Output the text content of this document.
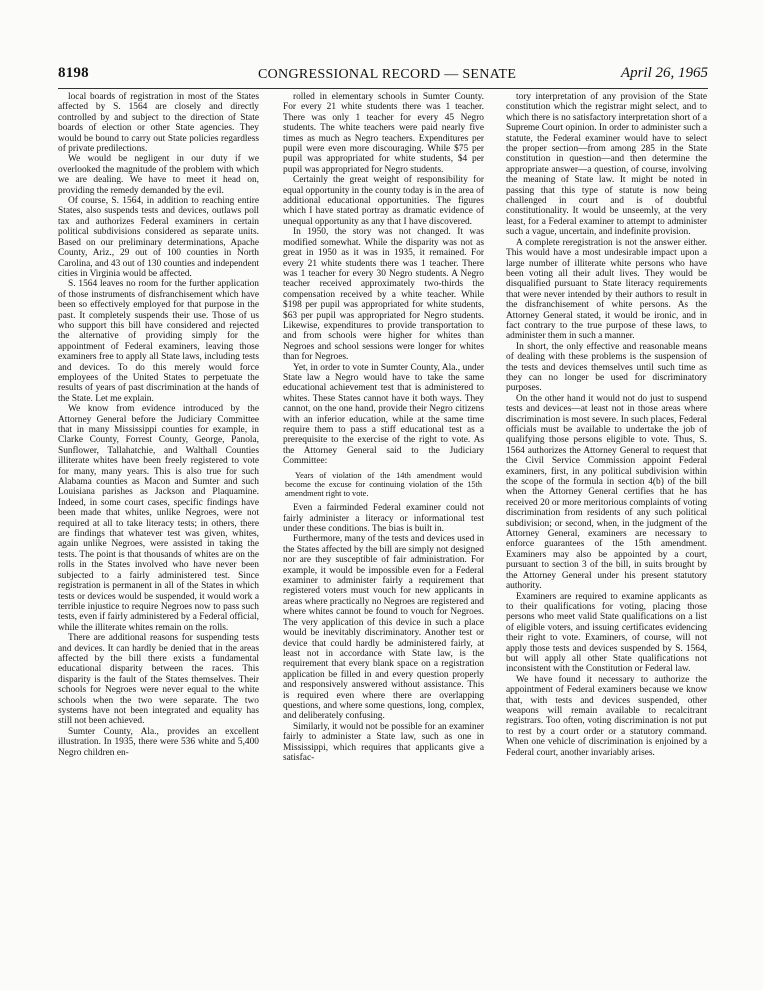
8198	CONGRESSIONAL RECORD — SENATE	April 26, 1965

local boards of registration in most of the States affected by S. 1564 are closely and directly controlled by and subject to the direction of State boards of election or other State agencies. They would be bound to carry out State policies regardless of private predilections.

We would be negligent in our duty if we overlooked the magnitude of the problem with which we are dealing. We have to meet it head on, providing the remedy demanded by the evil.

Of course, S. 1564, in addition to reaching entire States, also suspends tests and devices, outlaws poll tax and authorizes Federal examiners in certain political subdivisions considered as separate units. Based on our preliminary determinations, Apache County, Ariz., 29 out of 100 counties in North Carolina, and 43 out of 130 counties and independent cities in Virginia would be affected.

S. 1564 leaves no room for the further application of those instruments of disfranchisement which have been so effectively employed for that purpose in the past. It completely suspends their use. Those of us who support this bill have considered and rejected the alternative of providing simply for the appointment of Federal examiners, leaving those examiners free to apply all State laws, including tests and devices. To do this merely would force employees of the United States to perpetuate the results of years of past discrimination at the hands of the State. Let me explain.

We know from evidence introduced by the Attorney General before the Judiciary Committee that in many Mississippi counties for example, in Clarke County, Forrest County, George, Panola, Sunflower, Tallahatchie, and Walthall Counties illiterate whites have been freely registered to vote for many, many years. This is also true for such Alabama counties as Macon and Sumter and such Louisiana parishes as Jackson and Plaquamine. Indeed, in some court cases, specific findings have been made that whites, unlike Negroes, were not required at all to take literacy tests; in others, there are findings that whatever test was given, whites, again unlike Negroes, were assisted in taking the tests. The point is that thousands of whites are on the rolls in the States involved who have never been subjected to a fairly administered test. Since registration is permanent in all of the States in which tests or devices would be suspended, it would work a terrible injustice to require Negroes now to pass such tests, even if fairly administered by a Federal official, while the illiterate whites remain on the rolls.

There are additional reasons for suspending tests and devices. It can hardly be denied that in the areas affected by the bill there exists a fundamental educational disparity between the races. This disparity is the fault of the States themselves. Their schools for Negroes were never equal to the white schools when the two were separate. The two systems have not been integrated and equality has still not been achieved.

Sumter County, Ala., provides an excellent illustration. In 1935, there were 536 white and 5,400 Negro children en-

rolled in elementary schools in Sumter County. For every 21 white students there was 1 teacher. There was only 1 teacher for every 45 Negro students. The white teachers were paid nearly five times as much as Negro teachers. Expenditures per pupil were even more discouraging. While $75 per pupil was appropriated for white students, $4 per pupil was appropriated for Negro students.

Certainly the great weight of responsibility for equal opportunity in the county today is in the area of additional educational opportunities. The figures which I have stated portray as dramatic evidence of unequal opportunity as any that I have discovered.

In 1950, the story was not changed. It was modified somewhat. While the disparity was not as great in 1950 as it was in 1935, it remained. For every 21 white students there was 1 teacher. There was 1 teacher for every 30 Negro students. A Negro teacher received approximately two-thirds the compensation received by a white teacher. While $198 per pupil was appropriated for white students, $63 per pupil was appropriated for Negro students. Likewise, expenditures to provide transportation to and from schools were higher for whites than Negroes and school sessions were longer for whites than for Negroes.

Yet, in order to vote in Sumter County, Ala., under State law a Negro would have to take the same educational achievement test that is administered to whites. These States cannot have it both ways. They cannot, on the one hand, provide their Negro citizens with an inferior education, while at the same time require them to pass a stiff educational test as a prerequisite to the exercise of the right to vote. As the Attorney General said to the Judiciary Committee:

Years of violation of the 14th amendment would become the excuse for continuing violation of the 15th amendment right to vote.

Even a fairminded Federal examiner could not fairly administer a literacy or informational test under these conditions. The bias is built in.

Furthermore, many of the tests and devices used in the States affected by the bill are simply not designed nor are they susceptible of fair administration. For example, it would be impossible even for a Federal examiner to administer fairly a requirement that registered voters must vouch for new applicants in areas where practically no Negroes are registered and where whites cannot be found to vouch for Negroes. The very application of this device in such a place would be inevitably discriminatory. Another test or device that could hardly be administered fairly, at least not in accordance with State law, is the requirement that every blank space on a registration application be filled in and every question properly and responsively answered without assistance. This is required even where there are overlapping questions, and where some questions, long, complex, and deliberately confusing.

Similarly, it would not be possible for an examiner fairly to administer a State law, such as one in Mississippi, which requires that applicants give a satisfac-

tory interpretation of any provision of the State constitution which the registrar might select, and to which there is no satisfactory interpretation short of a Supreme Court opinion. In order to administer such a statute, the Federal examiner would have to select the proper section—from among 285 in the State constitution in question—and then determine the appropriate answer—a question, of course, involving the meaning of State law. It might be noted in passing that this type of statute is now being challenged in court and is of doubtful constitutionality. It would be unseemly, at the very least, for a Federal examiner to attempt to administer such a vague, uncertain, and indefinite provision.

A complete reregistration is not the answer either. This would have a most undesirable impact upon a large number of illiterate white persons who have been voting all their adult lives. They would be disqualified pursuant to State literacy requirements that were never intended by their authors to result in the disfranchisement of white persons. As the Attorney General stated, it would be ironic, and in fact contrary to the true purpose of these laws, to administer them in such a manner.

In short, the only effective and reasonable means of dealing with these problems is the suspension of the tests and devices themselves until such time as they can no longer be used for discriminatory purposes.

On the other hand it would not do just to suspend tests and devices—at least not in those areas where discrimination is most severe. In such places, Federal officials must be available to undertake the job of qualifying those persons eligible to vote. Thus, S. 1564 authorizes the Attorney General to request that the Civil Service Commission appoint Federal examiners, first, in any political subdivision within the scope of the formula in section 4(b) of the bill when the Attorney General certifies that he has received 20 or more meritorious complaints of voting discrimination from residents of any such political subdivision; or second, when, in the judgment of the Attorney General, examiners are necessary to enforce guarantees of the 15th amendment. Examiners may also be appointed by a court, pursuant to section 3 of the bill, in suits brought by the Attorney General under his present statutory authority.

Examiners are required to examine applicants as to their qualifications for voting, placing those persons who meet valid State qualifications on a list of eligible voters, and issuing certificates evidencing their right to vote. Examiners, of course, will not apply those tests and devices suspended by S. 1564, but will apply all other State qualifications not inconsistent with the Constitution or Federal law.

We have found it necessary to authorize the appointment of Federal examiners because we know that, with tests and devices suspended, other weapons will remain available to recalcitrant registrars. Too often, voting discrimination is not put to rest by a court order or a statutory command. When one vehicle of discrimination is enjoined by a Federal court, another invariably arises.
